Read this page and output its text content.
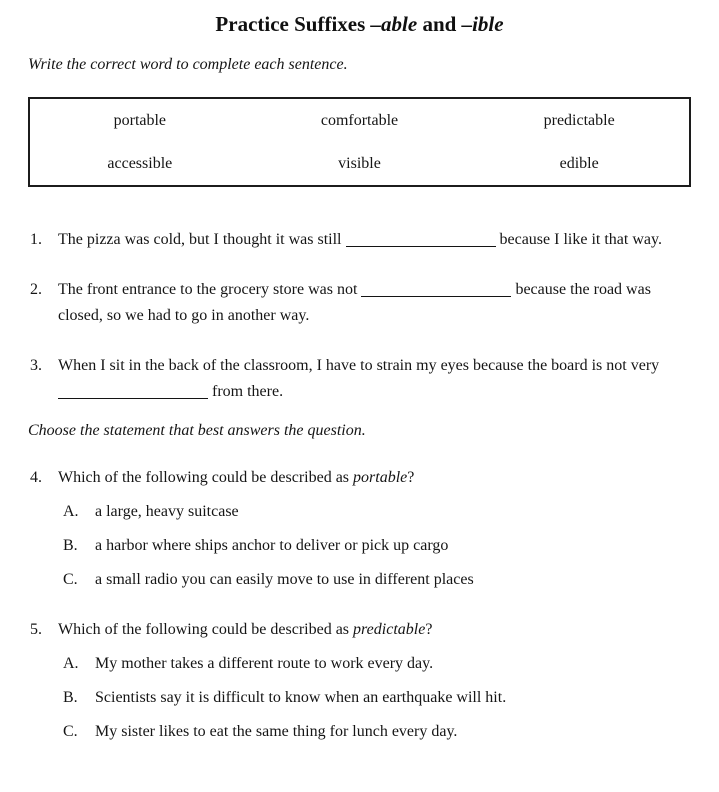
Practice Suffixes –able and –ible

Write the correct word to complete each sentence.

portable	comfortable	predictable
accessible	visible	edible
1.	The pizza was cold, but I thought it was still	because I like it that way.
2.	The front entrance to the grocery store was not	because the road was closed, so we had to go in another way.
3.	When I sit in the back of the classroom, I have to strain my eyes because the board is not very  from there.

Choose the statement that best answers the question.

4.	Which of the following could be described as portable?
A.	a large, heavy suitcase
B.	a harbor where ships anchor to deliver or pick up cargo
C.	a small radio you can easily move to use in different places
5.	Which of the following could be described as predictable?
A.	My mother takes a different route to work every day.
B.	Scientists say it is difficult to know when an earthquake will hit.
C.	My sister likes to eat the same thing for lunch every day.
